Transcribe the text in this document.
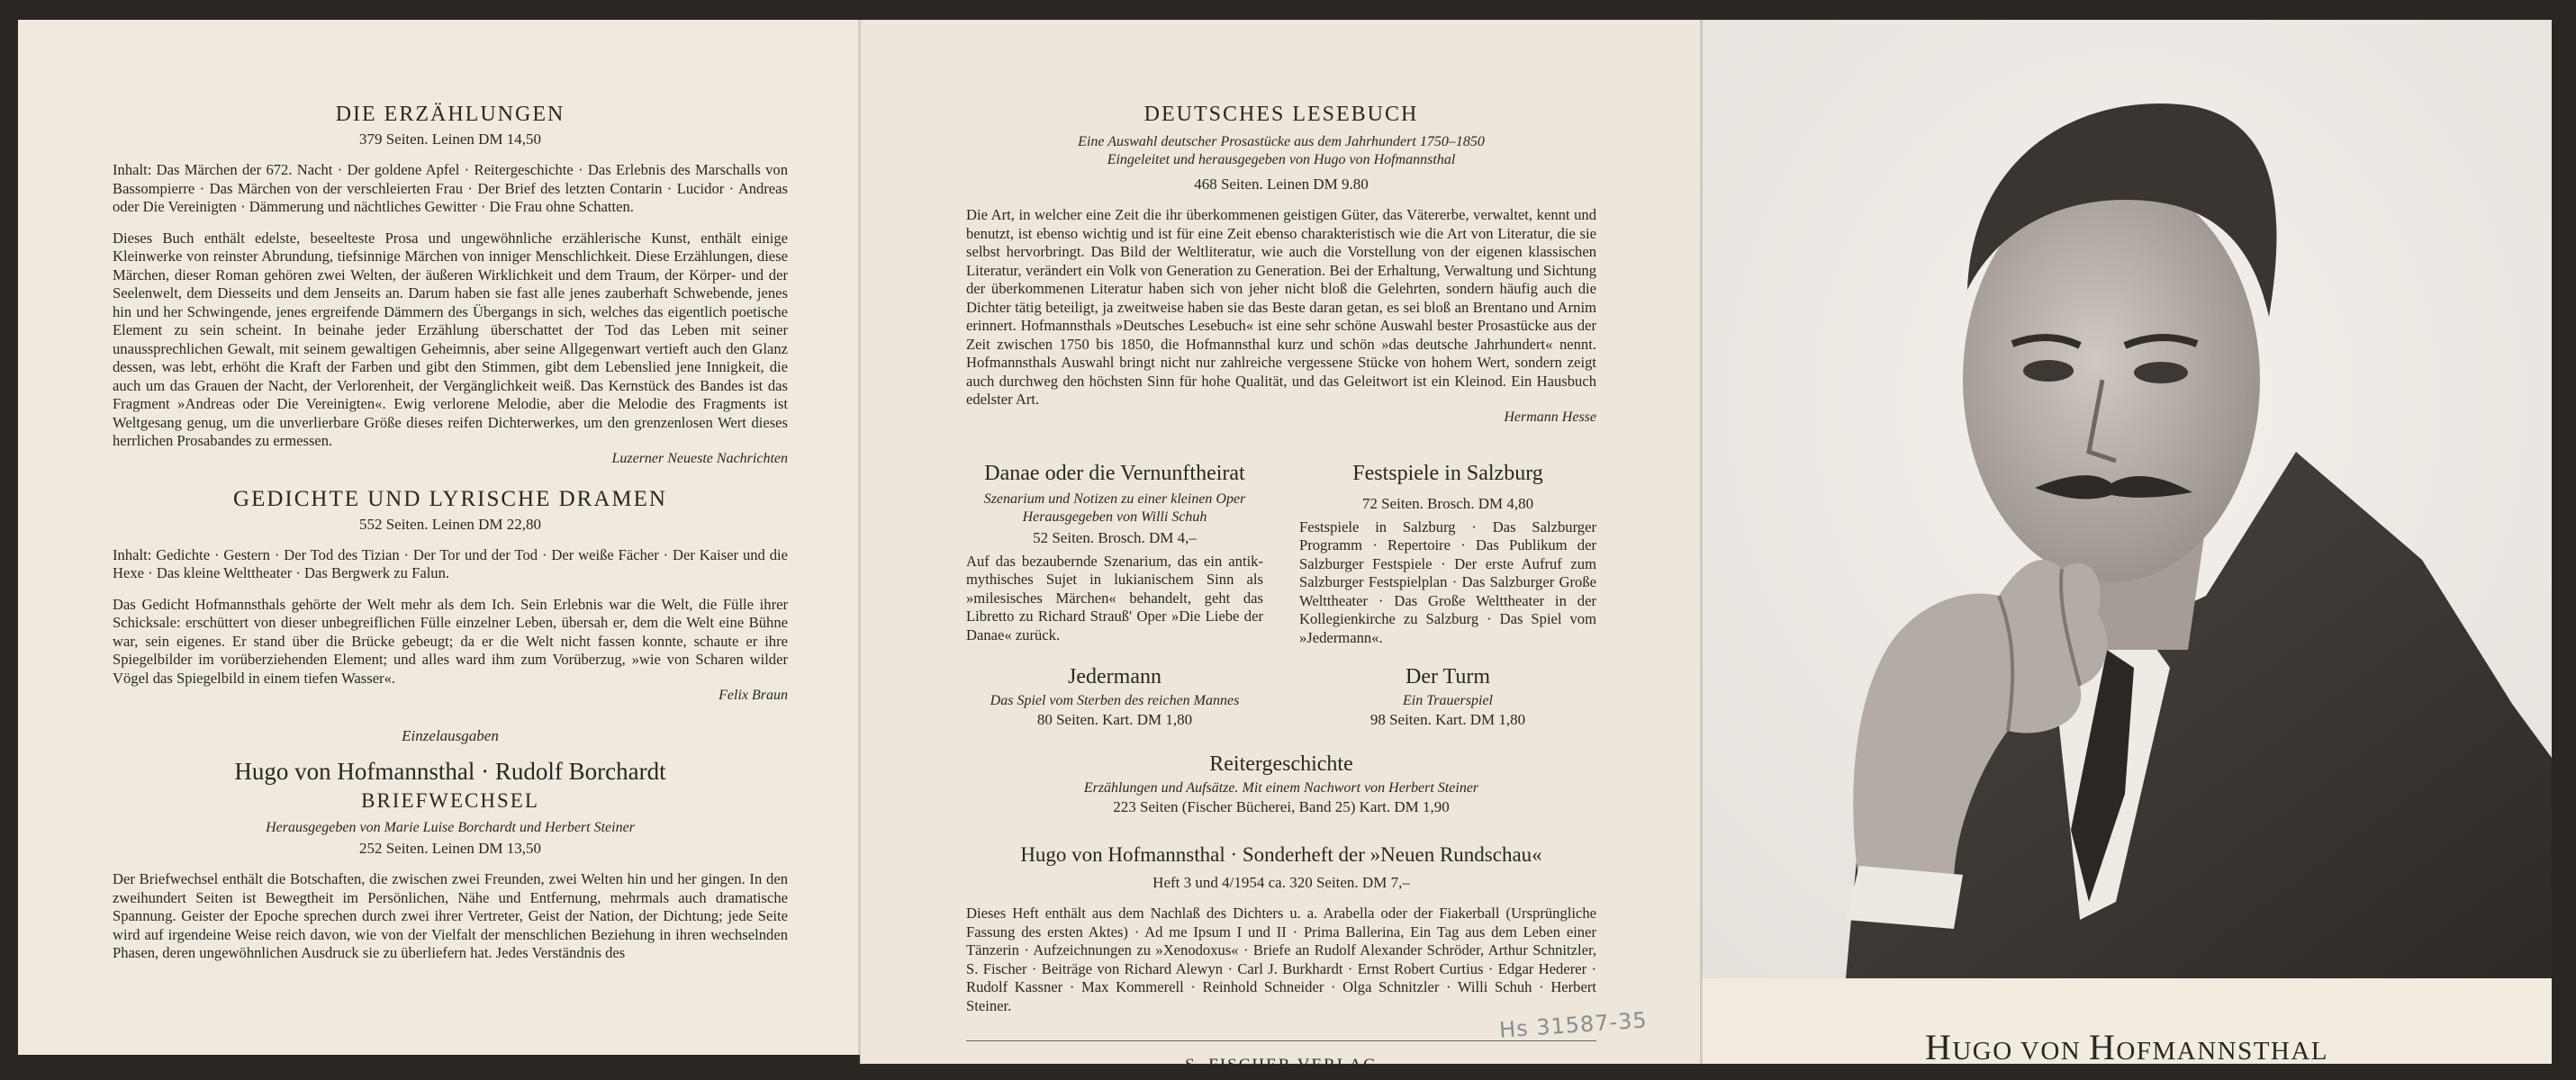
DIE ERZÄHLUNGEN

379 Seiten. Leinen DM 14,50

Inhalt: Das Märchen der 672. Nacht · Der goldene Apfel · Reitergeschichte · Das Erlebnis des Marschalls von Bassompierre · Das Märchen von der verschleierten Frau · Der Brief des letzten Contarin · Lucidor · Andreas oder Die Vereinigten · Dämmerung und nächtliches Gewitter · Die Frau ohne Schatten.

Dieses Buch enthält edelste, beseelteste Prosa und ungewöhnliche erzählerische Kunst, enthält einige Kleinwerke von reinster Abrundung, tiefsinnige Märchen von inniger Menschlichkeit. Diese Erzählungen, diese Märchen, dieser Roman gehören zwei Welten, der äußeren Wirklichkeit und dem Traum, der Körper- und der Seelenwelt, dem Diesseits und dem Jenseits an. Darum haben sie fast alle jenes zauberhaft Schwebende, jenes hin und her Schwingende, jenes ergreifende Dämmern des Übergangs in sich, welches das eigentlich poetische Element zu sein scheint. In beinahe jeder Erzählung überschattet der Tod das Leben mit seiner unaussprechlichen Gewalt, mit seinem gewaltigen Geheimnis, aber seine Allgegenwart vertieft auch den Glanz dessen, was lebt, erhöht die Kraft der Farben und gibt den Stimmen, gibt dem Lebenslied jene Innigkeit, die auch um das Grauen der Nacht, der Verlorenheit, der Vergänglichkeit weiß. Das Kernstück des Bandes ist das Fragment »Andreas oder Die Vereinigten«. Ewig verlorene Melodie, aber die Melodie des Fragments ist Weltgesang genug, um die unverlierbare Größe dieses reifen Dichterwerkes, um den grenzenlosen Wert dieses herrlichen Prosabandes zu ermessen.

Luzerner Neueste Nachrichten

GEDICHTE UND LYRISCHE DRAMEN

552 Seiten. Leinen DM 22,80

Inhalt: Gedichte · Gestern · Der Tod des Tizian · Der Tor und der Tod · Der weiße Fächer · Der Kaiser und die Hexe · Das kleine Welttheater · Das Bergwerk zu Falun.

Das Gedicht Hofmannsthals gehörte der Welt mehr als dem Ich. Sein Erlebnis war die Welt, die Fülle ihrer Schicksale: erschüttert von dieser unbegreiflichen Fülle einzelner Leben, übersah er, dem die Welt eine Bühne war, sein eigenes. Er stand über die Brücke gebeugt; da er die Welt nicht fassen konnte, schaute er ihre Spiegelbilder im vorüberziehenden Element; und alles ward ihm zum Vorüberzug, »wie von Scharen wilder Vögel das Spiegelbild in einem tiefen Wasser«.

Felix Braun

Einzelausgaben

Hugo von Hofmannsthal · Rudolf Borchardt

BRIEFWECHSEL

Herausgegeben von Marie Luise Borchardt und Herbert Steiner

252 Seiten. Leinen DM 13,50

Der Briefwechsel enthält die Botschaften, die zwischen zwei Freunden, zwei Welten hin und her gingen. In den zweihundert Seiten ist Bewegtheit im Persönlichen, Nähe und Entfernung, mehrmals auch dramatische Spannung. Geister der Epoche sprechen durch zwei ihrer Vertreter, Geist der Nation, der Dichtung; jede Seite wird auf irgendeine Weise reich davon, wie von der Vielfalt der menschlichen Beziehung in ihren wechselnden Phasen, deren ungewöhnlichen Ausdruck sie zu überliefern hat. Jedes Verständnis des

DEUTSCHES LESEBUCH

Eine Auswahl deutscher Prosastücke aus dem Jahrhundert 1750–1850

Eingeleitet und herausgegeben von Hugo von Hofmannsthal

468 Seiten. Leinen DM 9.80

Die Art, in welcher eine Zeit die ihr überkommenen geistigen Güter, das Vätererbe, verwaltet, kennt und benutzt, ist ebenso wichtig und ist für eine Zeit ebenso charakteristisch wie die Art von Literatur, die sie selbst hervorbringt. Das Bild der Weltliteratur, wie auch die Vorstellung von der eigenen klassischen Literatur, verändert ein Volk von Generation zu Generation. Bei der Erhaltung, Verwaltung und Sichtung der überkommenen Literatur haben sich von jeher nicht bloß die Gelehrten, sondern häufig auch die Dichter tätig beteiligt, ja zweitweise haben sie das Beste daran getan, es sei bloß an Brentano und Arnim erinnert. Hofmannsthals »Deutsches Lesebuch« ist eine sehr schöne Auswahl bester Prosastücke aus der Zeit zwischen 1750 bis 1850, die Hofmannsthal kurz und schön »das deutsche Jahrhundert« nennt. Hofmannsthals Auswahl bringt nicht nur zahlreiche vergessene Stücke von hohem Wert, sondern zeigt auch durchweg den höchsten Sinn für hohe Qualität, und das Geleitwort ist ein Kleinod. Ein Hausbuch edelster Art.

Hermann Hesse

Danae oder die Vernunftheirat

Szenarium und Notizen zu einer kleinen Oper

Herausgegeben von Willi Schuh

52 Seiten. Brosch. DM 4,–

Auf das bezaubernde Szenarium, das ein antik-mythisches Sujet in lukianischem Sinn als »milesisches Märchen« behandelt, geht das Libretto zu Richard Strauß' Oper »Die Liebe der Danae« zurück.

Festspiele in Salzburg

72 Seiten. Brosch. DM 4,80

Festspiele in Salzburg · Das Salzburger Programm · Repertoire · Das Publikum der Salzburger Festspiele · Der erste Aufruf zum Salzburger Festspielplan · Das Salzburger Große Welttheater · Das Große Welttheater in der Kollegienkirche zu Salzburg · Das Spiel vom »Jedermann«.

Jedermann

Das Spiel vom Sterben des reichen Mannes

80 Seiten. Kart. DM 1,80

Der Turm

Ein Trauerspiel

98 Seiten. Kart. DM 1,80

Reitergeschichte

Erzählungen und Aufsätze. Mit einem Nachwort von Herbert Steiner

223 Seiten (Fischer Bücherei, Band 25) Kart. DM 1,90

Hugo von Hofmannsthal · Sonderheft der »Neuen Rundschau«

Heft 3 und 4/1954 ca. 320 Seiten. DM 7,–

Dieses Heft enthält aus dem Nachlaß des Dichters u. a. Arabella oder der Fiakerball (Ursprüngliche Fassung des ersten Aktes) · Ad me Ipsum I und II · Prima Ballerina, Ein Tag aus dem Leben einer Tänzerin · Aufzeichnungen zu »Xenodoxus« · Briefe an Rudolf Alexander Schröder, Arthur Schnitzler, S. Fischer · Beiträge von Richard Alewyn · Carl J. Burkhardt · Ernst Robert Curtius · Edgar Hederer · Rudolf Kassner · Max Kommerell · Reinhold Schneider · Olga Schnitzler · Willi Schuh · Herbert Steiner.

S. FISCHER VERLAG	HUGO VON HOFMANNSTHAL
Hs 31587-35
